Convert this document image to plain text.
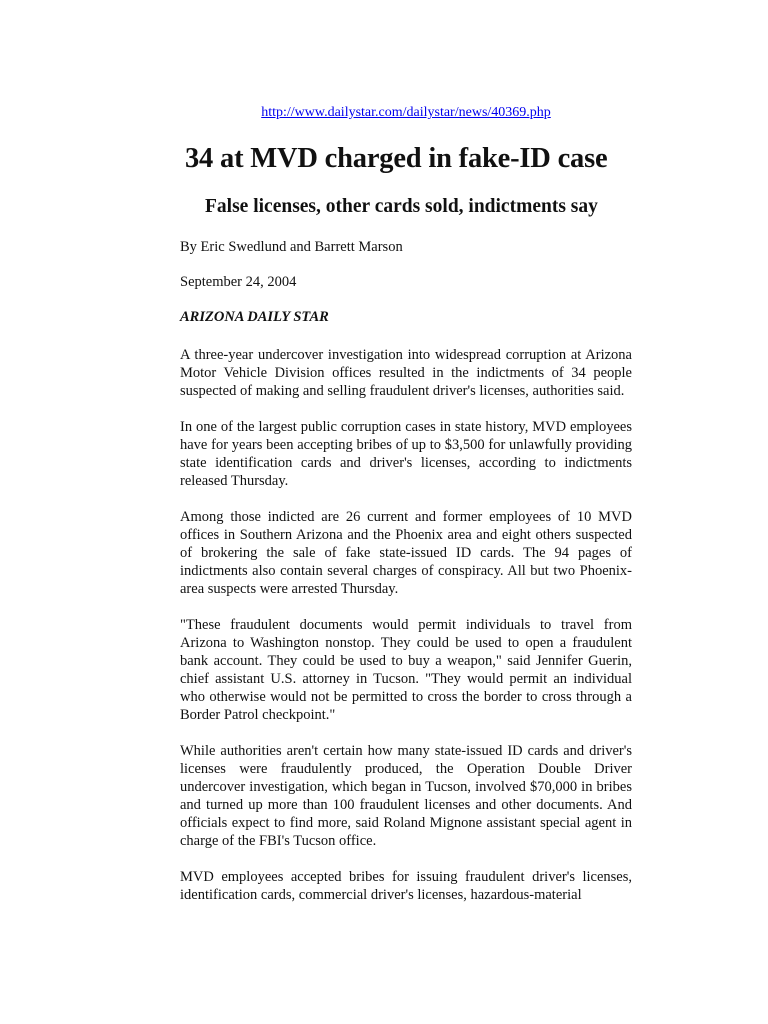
http://www.dailystar.com/dailystar/news/40369.php
34 at MVD charged in fake-ID case
False licenses, other cards sold, indictments say
By Eric Swedlund and Barrett Marson
September 24, 2004
ARIZONA DAILY STAR

A three-year undercover investigation into widespread corruption at Arizona Motor Vehicle Division offices resulted in the indictments of 34 people suspected of making and selling fraudulent driver's licenses, authorities said.

In one of the largest public corruption cases in state history, MVD employees have for years been accepting bribes of up to $3,500 for unlawfully providing state identification cards and driver's licenses, according to indictments released Thursday.

Among those indicted are 26 current and former employees of 10 MVD offices in Southern Arizona and the Phoenix area and eight others suspected of brokering the sale of fake state-issued ID cards. The 94 pages of indictments also contain several charges of conspiracy. All but two Phoenix-area suspects were arrested Thursday.

"These fraudulent documents would permit individuals to travel from Arizona to Washington nonstop. They could be used to open a fraudulent bank account. They could be used to buy a weapon," said Jennifer Guerin, chief assistant U.S. attorney in Tucson. "They would permit an individual who otherwise would not be permitted to cross the border to cross through a Border Patrol checkpoint."

While authorities aren't certain how many state-issued ID cards and driver's licenses were fraudulently produced, the Operation Double Driver undercover investigation, which began in Tucson, involved $70,000 in bribes and turned up more than 100 fraudulent licenses and other documents. And officials expect to find more, said Roland Mignone assistant special agent in charge of the FBI's Tucson office.

MVD employees accepted bribes for issuing fraudulent driver's licenses, identification cards, commercial driver's licenses, hazardous-material
